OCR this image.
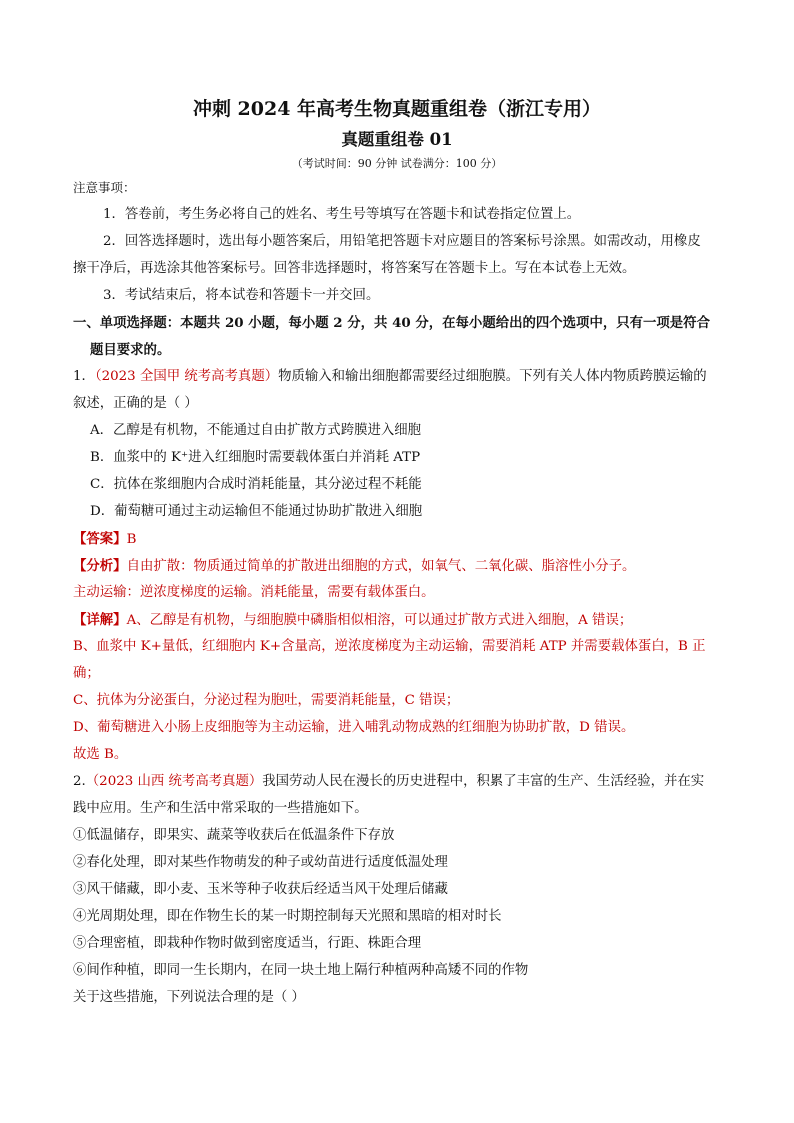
冲刺 2024 年高考生物真题重组卷（浙江专用）
真题重组卷 01
（考试时间：90 分钟 试卷满分：100 分）
注意事项：
1．答卷前，考生务必将自己的姓名、考生号等填写在答题卡和试卷指定位置上。
2．回答选择题时，选出每小题答案后，用铅笔把答题卡对应题目的答案标号涂黑。如需改动，用橡皮
擦干净后，再选涂其他答案标号。回答非选择题时，将答案写在答题卡上。写在本试卷上无效。
3．考试结束后，将本试卷和答题卡一并交回。
一、单项选择题：本题共 20 小题，每小题 2 分，共 40 分，在每小题给出的四个选项中，只有一项是符合
题目要求的。
1．（2023 全国甲 统考高考真题）物质输入和输出细胞都需要经过细胞膜。下列有关人体内物质跨膜运输的
叙述，正确的是（ ）
A．乙醇是有机物，不能通过自由扩散方式跨膜进入细胞
B．血浆中的 K⁺进入红细胞时需要载体蛋白并消耗 ATP
C．抗体在浆细胞内合成时消耗能量，其分泌过程不耗能
D．葡萄糖可通过主动运输但不能通过协助扩散进入细胞
【答案】B
【分析】自由扩散：物质通过简单的扩散进出细胞的方式，如氧气、二氧化碳、脂溶性小分子。
主动运输：逆浓度梯度的运输。消耗能量，需要有载体蛋白。
【详解】A、乙醇是有机物，与细胞膜中磷脂相似相溶，可以通过扩散方式进入细胞，A 错误；
B、血浆中 K+量低，红细胞内 K+含量高，逆浓度梯度为主动运输，需要消耗 ATP 并需要载体蛋白，B 正
确；
C、抗体为分泌蛋白，分泌过程为胞吐，需要消耗能量，C 错误；
D、葡萄糖进入小肠上皮细胞等为主动运输，进入哺乳动物成熟的红细胞为协助扩散，D 错误。
故选 B。
2.（2023 山西 统考高考真题）我国劳动人民在漫长的历史进程中，积累了丰富的生产、生活经验，并在实
践中应用。生产和生活中常采取的一些措施如下。
①低温储存，即果实、蔬菜等收获后在低温条件下存放
②春化处理，即对某些作物萌发的种子或幼苗进行适度低温处理
③风干储藏，即小麦、玉米等种子收获后经适当风干处理后储藏
④光周期处理，即在作物生长的某一时期控制每天光照和黑暗的相对时长
⑤合理密植，即栽种作物时做到密度适当，行距、株距合理
⑥间作种植，即同一生长期内，在同一块土地上隔行种植两种高矮不同的作物
关于这些措施，下列说法合理的是（ ）
